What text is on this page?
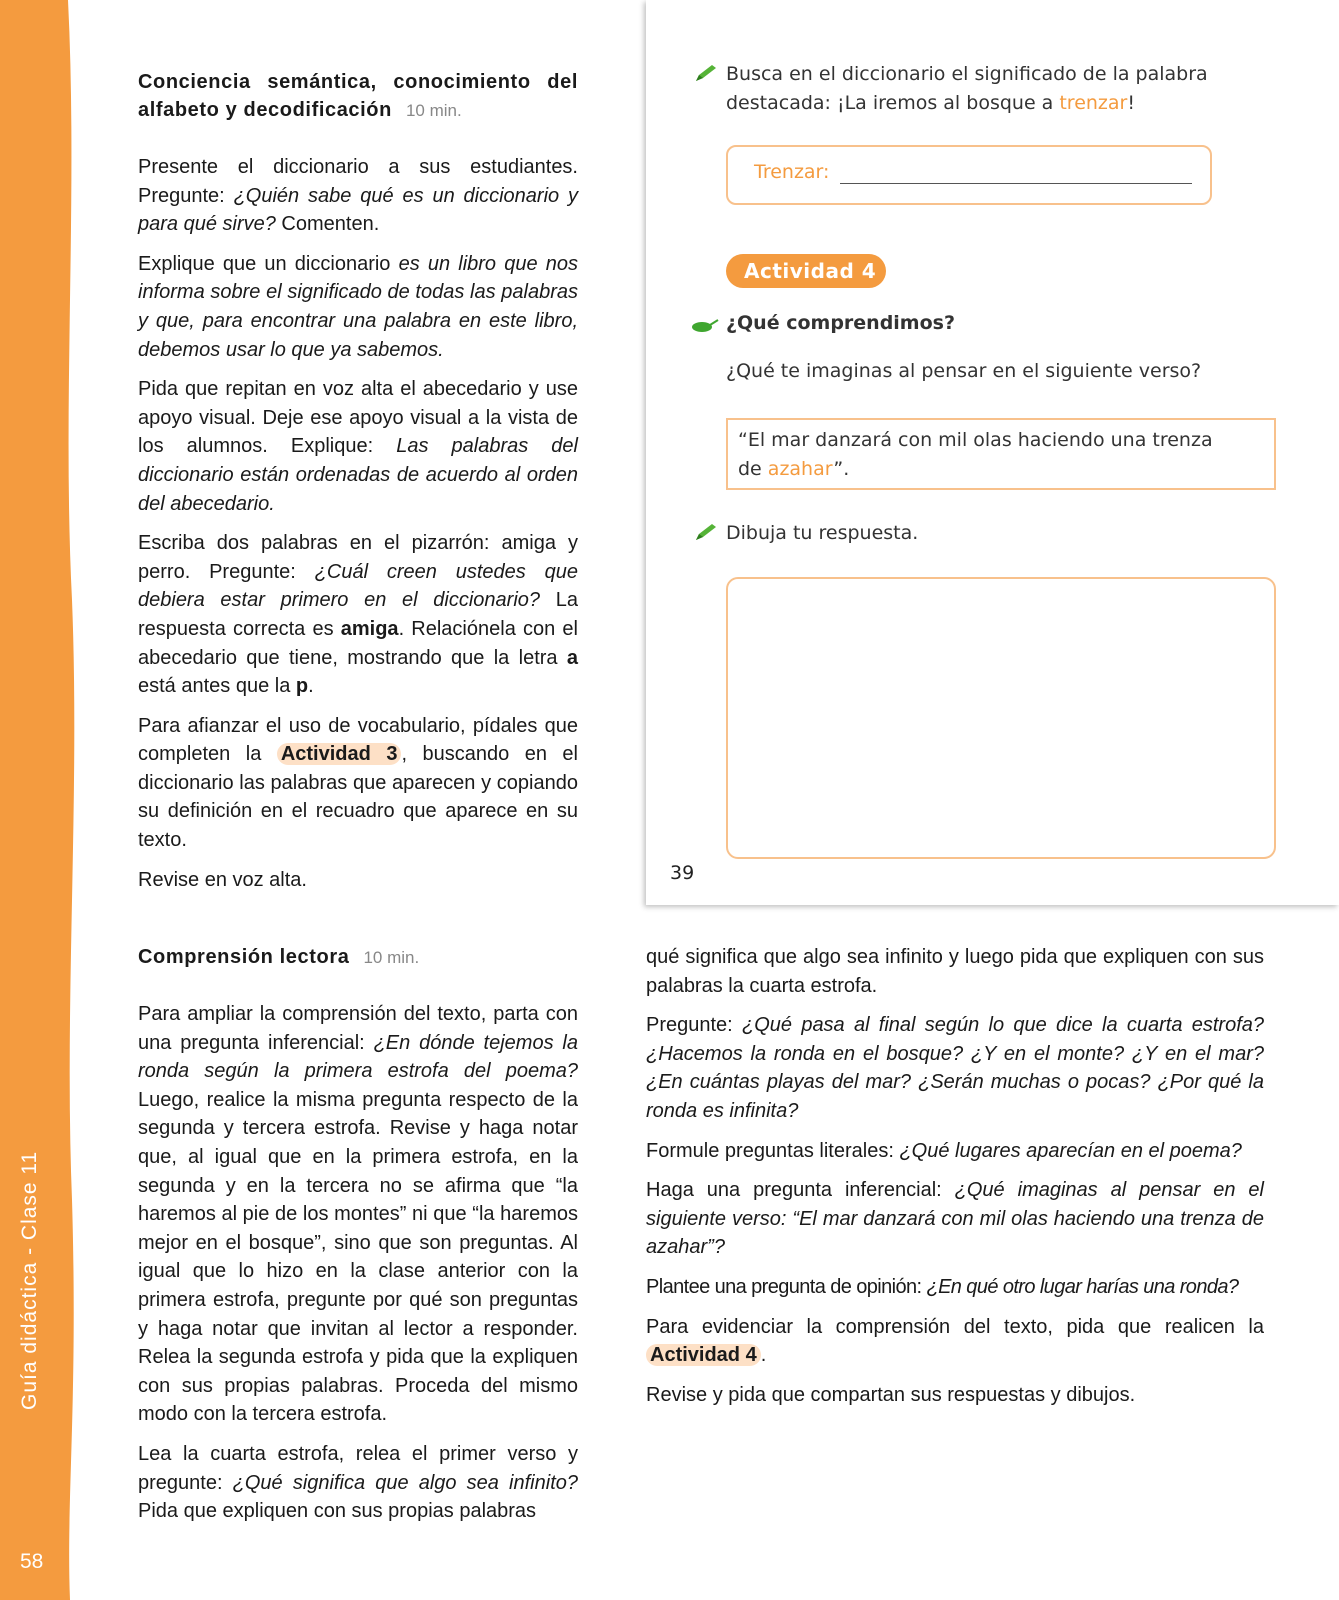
Guía didáctica - Clase 11
58
Conciencia semántica, conocimiento del
alfabeto y decodificación 10 min.

Presente el diccionario a sus estudiantes. Pregunte: ¿Quién sabe qué es un diccionario y para qué sirve? Comenten.

Explique que un diccionario es un libro que nos informa sobre el significado de todas las palabras y que, para encontrar una palabra en este libro, debemos usar lo que ya sabemos.

Pida que repitan en voz alta el abecedario y use apoyo visual. Deje ese apoyo visual a la vista de los alumnos. Explique: Las palabras del diccionario están ordenadas de acuerdo al orden del abecedario.

Escriba dos palabras en el pizarrón: amiga y perro. Pregunte: ¿Cuál creen ustedes que debiera estar primero en el diccionario? La respuesta correcta es amiga. Relaciónela con el abecedario que tiene, mostrando que la letra a está antes que la p.

Para afianzar el uso de vocabulario, pídales que completen la Actividad 3 , buscando en el diccionario las palabras que aparecen y copiando su definición en el recuadro que aparece en su texto.

Revise en voz alta.

Busca en el diccionario el significado de la palabra
destacada: ¡La iremos al bosque a trenzar!
Trenzar:
Actividad 4
¿Qué comprendimos?
¿Qué te imaginas al pensar en el siguiente verso?
“El mar danzará con mil olas haciendo una trenza
de azahar”.
Dibuja tu respuesta.
39
Comprensión lectora 10 min.

Para ampliar la comprensión del texto, parta con una pregunta inferencial: ¿En dónde tejemos la ronda según la primera estrofa del poema? Luego, realice la misma pregunta respecto de la segunda y tercera estrofa. Revise y haga notar que, al igual que en la primera estrofa, en la segunda y en la tercera no se afirma que “la haremos al pie de los montes” ni que “la haremos mejor en el bosque”, sino que son preguntas. Al igual que lo hizo en la clase anterior con la primera estrofa, pregunte por qué son preguntas y haga notar que invitan al lector a responder. Relea la segunda estrofa y pida que la expliquen con sus propias palabras. Proceda del mismo modo con la tercera estrofa.

Lea la cuarta estrofa, relea el primer verso y pregunte: ¿Qué significa que algo sea infinito? Pida que expliquen con sus propias palabras

qué significa que algo sea infinito y luego pida que expliquen con sus palabras la cuarta estrofa.

Pregunte: ¿Qué pasa al final según lo que dice la cuarta estrofa? ¿Hacemos la ronda en el bosque? ¿Y en el monte? ¿Y en el mar? ¿En cuántas playas del mar? ¿Serán muchas o pocas? ¿Por qué la ronda es infinita?

Formule preguntas literales: ¿Qué lugares aparecían en el poema?

Haga una pregunta inferencial: ¿Qué imaginas al pensar en el siguiente verso: “El mar danzará con mil olas haciendo una trenza de azahar”?

Plantee una pregunta de opinión: ¿En qué otro lugar harías una ronda?

Para evidenciar la comprensión del texto, pida que realicen la Actividad 4 .

Revise y pida que compartan sus respuestas y dibujos.
